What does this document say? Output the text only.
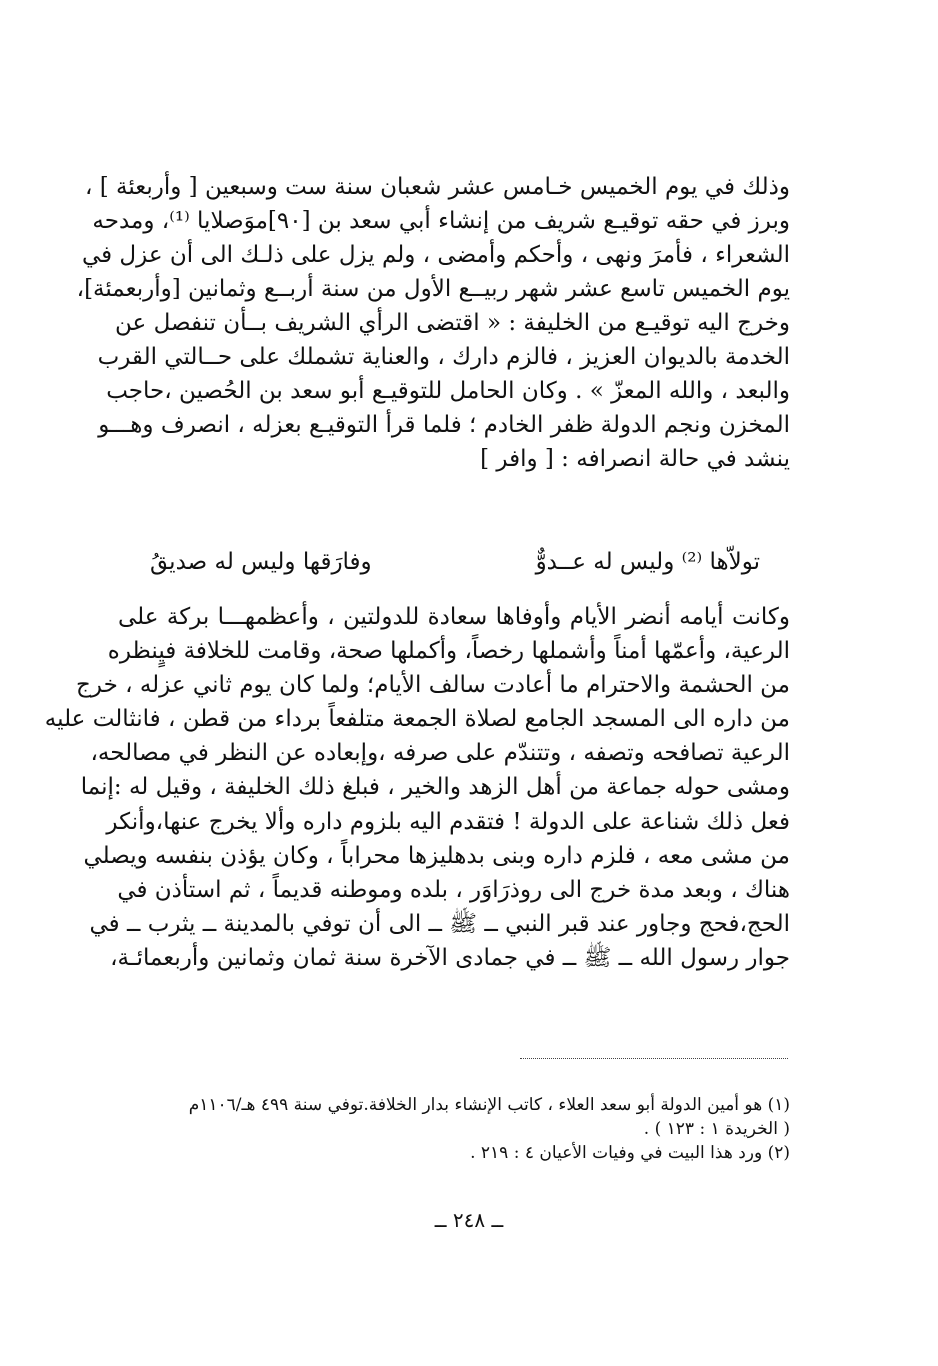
وذلك في يوم الخميس خـامس عشر شعبان سنة ست وسبعين [ وأربعئة ] ،
وبرز في حقه توقيـع شريف من إنشاء أبي سعد بن [٩٠]موَصلايا ⁽¹⁾، ومدحه
الشعراء ، فأمرَ ونهى ، وأحكم وأمضى ، ولم يزل على ذلـك الى أن عزل في
يوم الخميس تاسع عشر شهر ربيــع الأول من سنة أربــع وثمانين [وأربعمئة]،
وخرج اليه توقيـع من الخليفة : « اقتضى الرأي الشريف بــأن تنفصل عن
الخدمة بالديوان العزيز ، فالزم دارك ، والعناية تشملك على حــالتي القرب
والبعد ، والله المعزّ » . وكان الحامل للتوقيـع أبو سعد بن الحُصين ،حاجب
المخزن ونجم الدولة ظفر الخادم ؛ فلما قرأ التوقيـع بعزله ، انصرف وهـــو
ينشد في حالة انصرافه : [ وافر ]
تولاّها ⁽²⁾ وليس له عــدوٌّ
وفارَقها وليس له صديقُ
وكانت أيامه أنضر الأيام وأوفاها سعادة للدولتين ، وأعظمهـــا بركة على
الرعية، وأعمّها أمناً وأشملها رخصاً، وأكملها صحة، وقامت للخلافة فيٍنظره
من الحشمة والاحترام ما أعادت سالف الأيام؛ ولما كان يوم ثاني عزله ، خرج
من داره الى المسجد الجامع لصلاة الجمعة متلفعاً برداء من قطن ، فانثالت عليه
الرعية تصافحه وتصفه ، وتتندّم على صرفه ،وإبعاده عن النظر في مصالحه،
ومشى حوله جماعة من أهل الزهد والخير ، فبلغ ذلك الخليفة ، وقيل له :إنما
فعل ذلك شناعة على الدولة ! فتقدم اليه بلزوم داره وألا يخرج عنها،وأنكر
من مشى معه ، فلزم داره وبنى بدهليزها محراباً ، وكان يؤذن بنفسه ويصلي
هناك ، وبعد مدة خرج الى روذرَاوَر ، بلده وموطنه قديماً ، ثم استأذن في
الحج،فحج وجاور عند قبر النبي ــ ﷺ ــ الى أن توفي بالمدينة ــ يثرب ــ في
جوار رسول الله ــ ﷺ ــ في جمادى الآخرة سنة ثمان وثمانين وأربعمائـة،
(١) هو أمين الدولة أبو سعد العلاء ، كاتب الإنشاء بدار الخلافة.توفي سنة ٤٩٩ هـ/١١٠٦م
( الخريدة ١ : ١٢٣ ) .
(٢) ورد هذا البيت في وفيات الأعيان ٤ : ٢١٩ .
ــ ٢٤٨ ــ
